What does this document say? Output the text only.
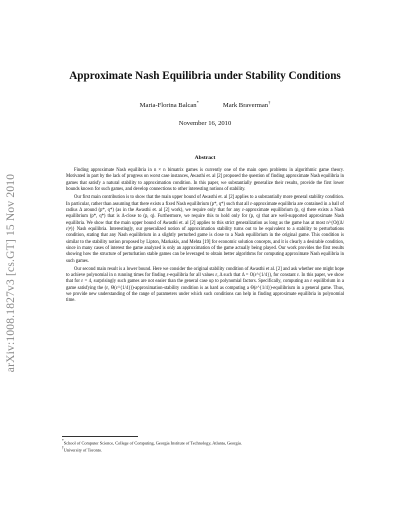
arXiv:1008.1827v3 [cs.GT] 15 Nov 2010
Approximate Nash Equilibria under Stability Conditions
Maria-Florina Balcan*	Mark Braverman†
November 16, 2010
Abstract

Finding approximate Nash equilibria in n × n bimatrix games is currently one of the main open problems in algorithmic game theory. Motivated in part by the lack of progress on worst case instances, Awasthi et. al [2] proposed the question of finding approximate Nash equilibria in games that satisfy a natural stability to approximation condition. In this paper, we substantially generalize their results, provide the first lower bounds known for such games, and develop connections to other interesting notions of stability.

Our first main contribution is to show that the main upper bound of Awasthi et. al [2] applies to a substantially more general stability condition. In particular, rather than assuming that there exists a fixed Nash equilibrium (p*, q*) such that all ε-approximate equilibria are contained in a ball of radius Δ around (p*, q*) (as in the Awasthi et. al [2] work), we require only that for any ε-approximate equilibrium (p, q) there exists a Nash equilibrium (p*, q*) that is Δ-close to (p, q). Furthermore, we require this to hold only for (p, q) that are well-supported approximate Nash equilibria. We show that the main upper bound of Awasthi et. al [2] applies to this strict generalization as long as the game has at most n^{O((Δ/ε)²)} Nash equilibria. Interestingly, our generalized notion of approximation stability turns out to be equivalent to a stability to perturbations condition, stating that any Nash equilibrium in a slightly perturbed game is close to a Nash equilibrium in the original game. This condition is similar to the stability notion proposed by Lipton, Markakis, and Mehta [19] for economic solution concepts, and it is clearly a desirable condition, since in many cases of interest the game analyzed is only an approximation of the game actually being played. Our work provides the first results showing how the structure of perturbation stable games can be leveraged to obtain better algorithms for computing approximate Nash equilibria in such games.

Our second main result is a lower bound. Here we consider the original stability condition of Awasthi et al. [2] and ask whether one might hope to achieve polynomial in n running times for finding ε-equilibria for all values ε, Δ such that Δ = O(ε^{1/4}), for constant ε. In this paper, we show that for ε = 4, surprisingly such games are not easier than the general case up to polynomial factors. Specifically, computing an ε equilibrium in a game satisfying the (ε, Θ(ε^{1/4}))-approximation-stability condition is as hard as computing a Θ(ε^{1/4})-equilibrium in a general game. Thus, we provide new understanding of the range of parameters under which such conditions can help in finding approximate equilibria in polynomial time.

*School of Computer Science, College of Computing, Georgia Institute of Technology, Atlanta, Georgia.
†University of Toronto.
